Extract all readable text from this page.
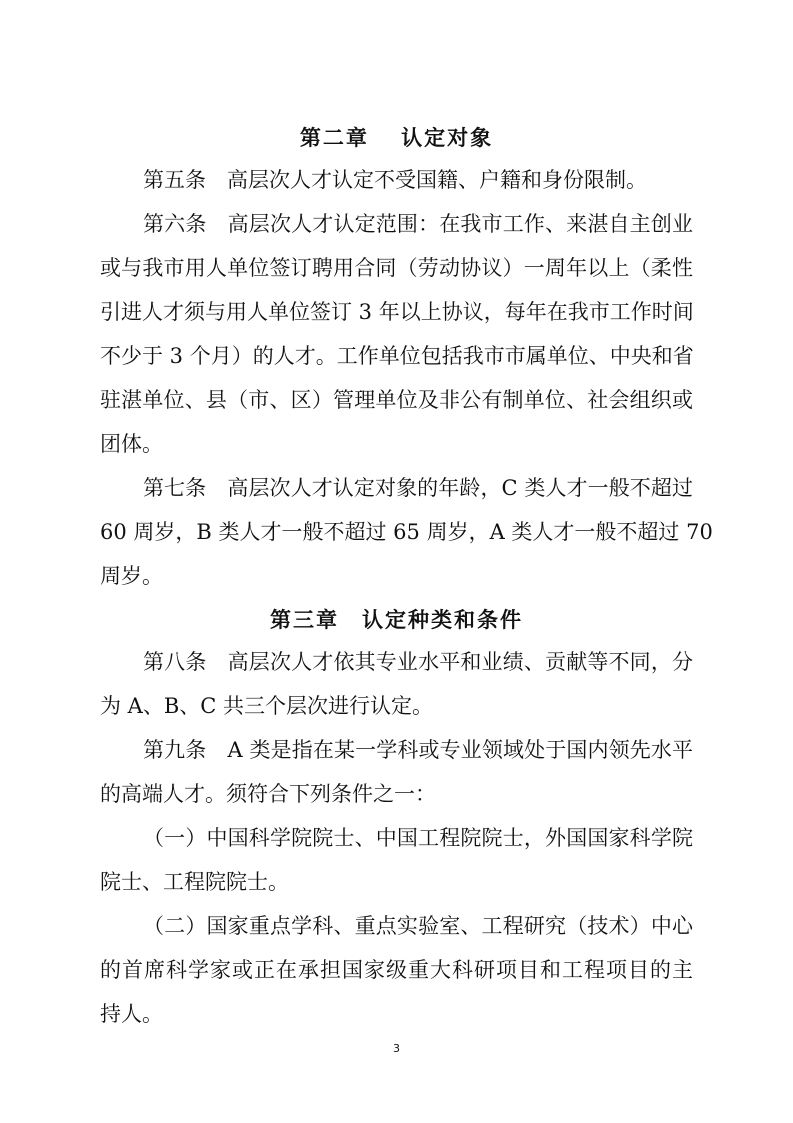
第二章　 认定对象
第五条　高层次人才认定不受国籍、户籍和身份限制。
第六条　高层次人才认定范围：在我市工作、来湛自主创业
或与我市用人单位签订聘用合同（劳动协议）一周年以上（柔性
引进人才须与用人单位签订 3 年以上协议，每年在我市工作时间
不少于 3 个月）的人才。工作单位包括我市市属单位、中央和省
驻湛单位、县（市、区）管理单位及非公有制单位、社会组织或
团体。
第七条　高层次人才认定对象的年龄，C 类人才一般不超过
60 周岁，B 类人才一般不超过 65 周岁，A 类人才一般不超过 70
周岁。
第三章　认定种类和条件
第八条　高层次人才依其专业水平和业绩、贡献等不同，分
为 A、B、C 共三个层次进行认定。
第九条　A 类是指在某一学科或专业领域处于国内领先水平
的高端人才。须符合下列条件之一：
（一）中国科学院院士、中国工程院院士，外国国家科学院
院士、工程院院士。
（二）国家重点学科、重点实验室、工程研究（技术）中心
的首席科学家或正在承担国家级重大科研项目和工程项目的主
持人。
3
